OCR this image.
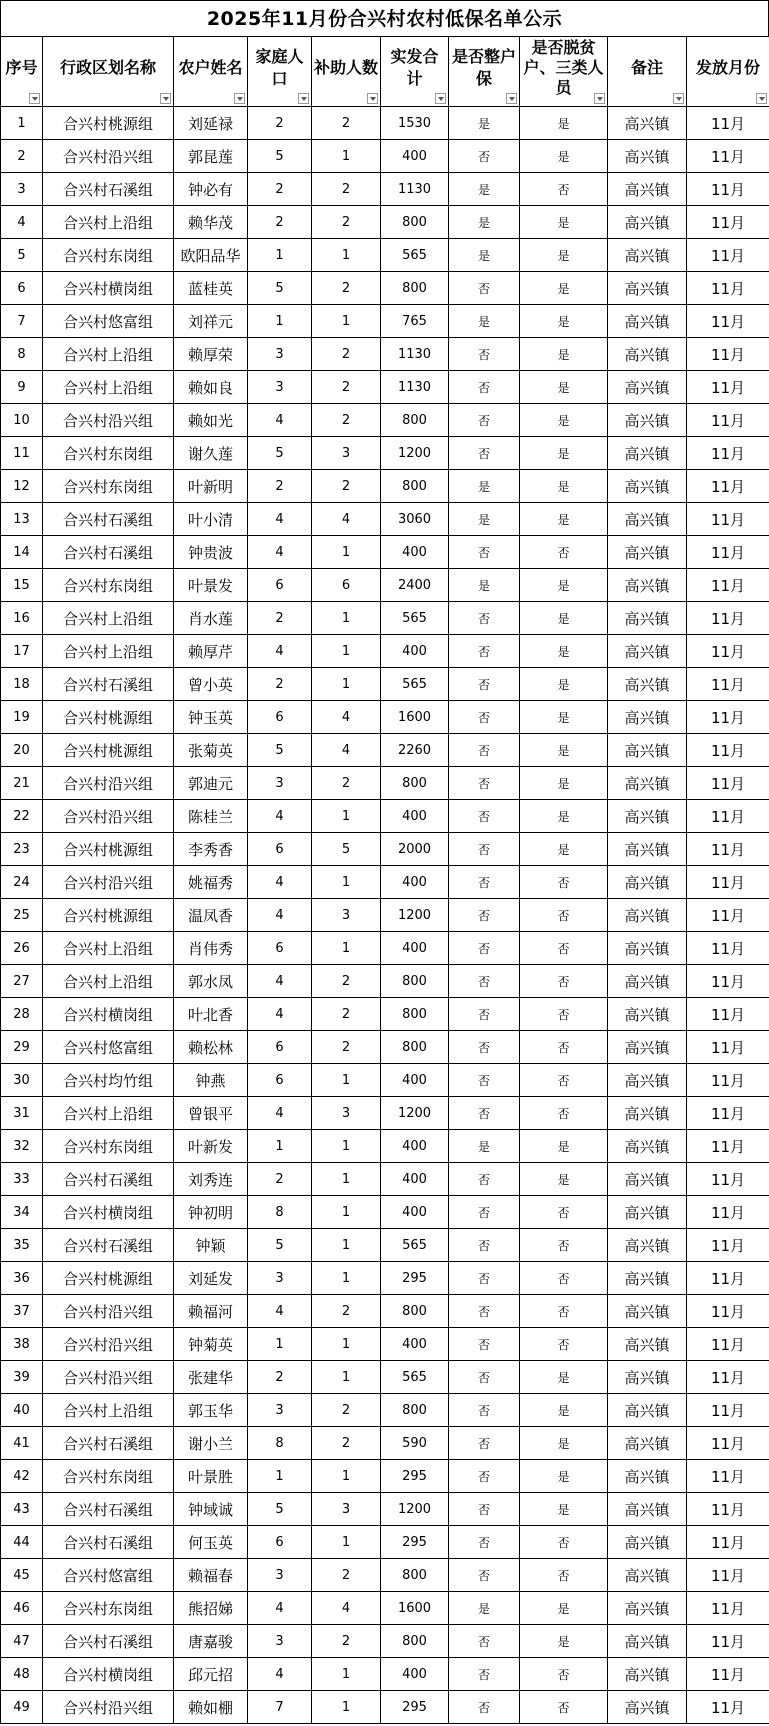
2025年11月份合兴村农村低保名单公示
序号	行政区划名称	农户姓名	家庭人口	补助人数	实发合计	是否整户保	是否脱贫户、三类人员	备注	发放月份

1	合兴村桃源组	刘延禄	2	2	1530	是	是	高兴镇	11月
2	合兴村沿兴组	郭昆莲	5	1	400	否	是	高兴镇	11月
3	合兴村石溪组	钟必有	2	2	1130	是	否	高兴镇	11月
4	合兴村上沿组	赖华茂	2	2	800	是	是	高兴镇	11月
5	合兴村东岗组	欧阳品华	1	1	565	是	是	高兴镇	11月
6	合兴村横岗组	蓝桂英	5	2	800	否	是	高兴镇	11月
7	合兴村悠富组	刘祥元	1	1	765	是	是	高兴镇	11月
8	合兴村上沿组	赖厚荣	3	2	1130	否	是	高兴镇	11月
9	合兴村上沿组	赖如良	3	2	1130	否	是	高兴镇	11月
10	合兴村沿兴组	赖如光	4	2	800	否	是	高兴镇	11月
11	合兴村东岗组	谢久莲	5	3	1200	否	是	高兴镇	11月
12	合兴村东岗组	叶新明	2	2	800	是	是	高兴镇	11月
13	合兴村石溪组	叶小清	4	4	3060	是	是	高兴镇	11月
14	合兴村石溪组	钟贵波	4	1	400	否	否	高兴镇	11月
15	合兴村东岗组	叶景发	6	6	2400	是	是	高兴镇	11月
16	合兴村上沿组	肖水莲	2	1	565	否	是	高兴镇	11月
17	合兴村上沿组	赖厚芹	4	1	400	否	是	高兴镇	11月
18	合兴村石溪组	曾小英	2	1	565	否	是	高兴镇	11月
19	合兴村桃源组	钟玉英	6	4	1600	否	是	高兴镇	11月
20	合兴村桃源组	张菊英	5	4	2260	否	是	高兴镇	11月
21	合兴村沿兴组	郭迪元	3	2	800	否	是	高兴镇	11月
22	合兴村沿兴组	陈桂兰	4	1	400	否	是	高兴镇	11月
23	合兴村桃源组	李秀香	6	5	2000	否	是	高兴镇	11月
24	合兴村沿兴组	姚福秀	4	1	400	否	否	高兴镇	11月
25	合兴村桃源组	温凤香	4	3	1200	否	否	高兴镇	11月
26	合兴村上沿组	肖伟秀	6	1	400	否	否	高兴镇	11月
27	合兴村上沿组	郭水凤	4	2	800	否	否	高兴镇	11月
28	合兴村横岗组	叶北香	4	2	800	否	否	高兴镇	11月
29	合兴村悠富组	赖松林	6	2	800	否	否	高兴镇	11月
30	合兴村均竹组	钟燕	6	1	400	否	否	高兴镇	11月
31	合兴村上沿组	曾银平	4	3	1200	否	否	高兴镇	11月
32	合兴村东岗组	叶新发	1	1	400	是	是	高兴镇	11月
33	合兴村石溪组	刘秀连	2	1	400	否	是	高兴镇	11月
34	合兴村横岗组	钟初明	8	1	400	否	否	高兴镇	11月
35	合兴村石溪组	钟颖	5	1	565	否	否	高兴镇	11月
36	合兴村桃源组	刘延发	3	1	295	否	否	高兴镇	11月
37	合兴村沿兴组	赖福河	4	2	800	否	否	高兴镇	11月
38	合兴村沿兴组	钟菊英	1	1	400	否	否	高兴镇	11月
39	合兴村沿兴组	张建华	2	1	565	否	是	高兴镇	11月
40	合兴村上沿组	郭玉华	3	2	800	否	是	高兴镇	11月
41	合兴村石溪组	谢小兰	8	2	590	否	是	高兴镇	11月
42	合兴村东岗组	叶景胜	1	1	295	否	是	高兴镇	11月
43	合兴村石溪组	钟域诚	5	3	1200	否	是	高兴镇	11月
44	合兴村石溪组	何玉英	6	1	295	否	否	高兴镇	11月
45	合兴村悠富组	赖福春	3	2	800	否	否	高兴镇	11月
46	合兴村东岗组	熊招娣	4	4	1600	是	是	高兴镇	11月
47	合兴村石溪组	唐嘉骏	3	2	800	否	是	高兴镇	11月
48	合兴村横岗组	邱元招	4	1	400	否	否	高兴镇	11月
49	合兴村沿兴组	赖如棚	7	1	295	否	否	高兴镇	11月
